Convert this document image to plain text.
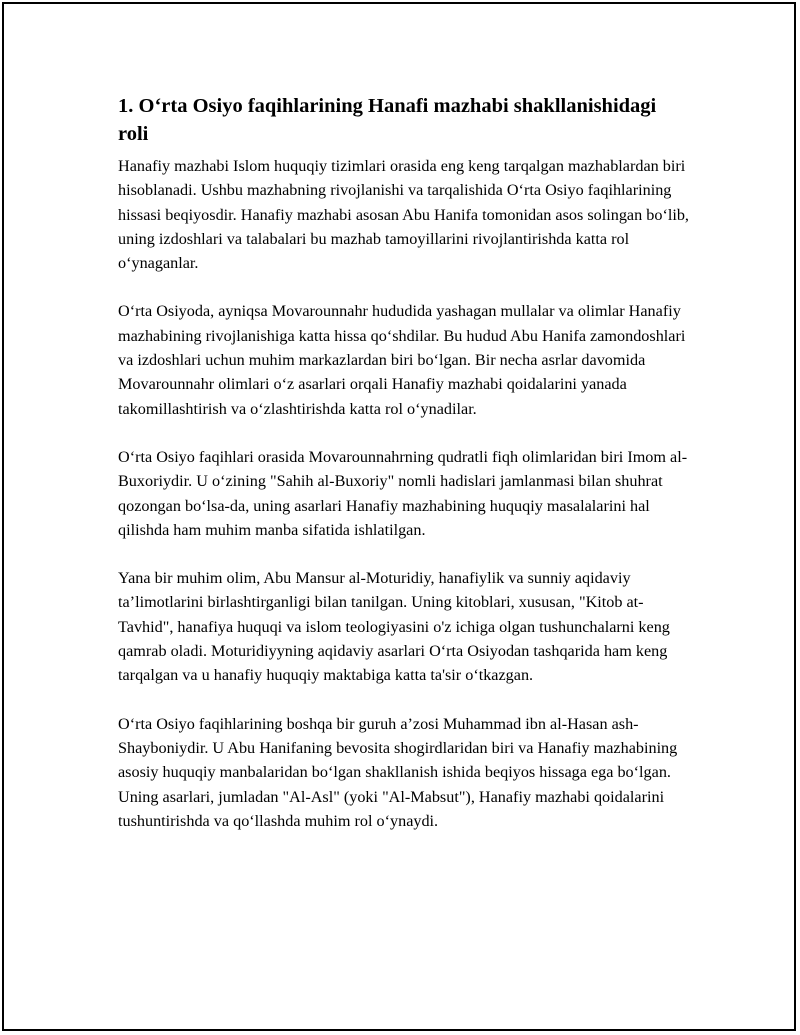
1. O‘rta Osiyo faqihlarining Hanafi mazhabi shakllanishidagi roli

Hanafiy mazhabi Islom huquqiy tizimlari orasida eng keng tarqalgan mazhablardan biri hisoblanadi. Ushbu mazhabning rivojlanishi va tarqalishida O‘rta Osiyo faqihlarining hissasi beqiyosdir. Hanafiy mazhabi asosan Abu Hanifa tomonidan asos solingan bo‘lib, uning izdoshlari va talabalari bu mazhab tamoyillarini rivojlantirishda katta rol o‘ynaganlar.

O‘rta Osiyoda, ayniqsa Movarounnahr hududida yashagan mullalar va olimlar Hanafiy mazhabining rivojlanishiga katta hissa qo‘shdilar. Bu hudud Abu Hanifa zamondoshlari va izdoshlari uchun muhim markazlardan biri bo‘lgan. Bir necha asrlar davomida Movarounnahr olimlari o‘z asarlari orqali Hanafiy mazhabi qoidalarini yanada takomillashtirish va o‘zlashtirishda katta rol o‘ynadilar.

O‘rta Osiyo faqihlari orasida Movarounnahrning qudratli fiqh olimlaridan biri Imom al-Buxoriydir. U o‘zining "Sahih al-Buxoriy" nomli hadislari jamlanmasi bilan shuhrat qozongan bo‘lsa-da, uning asarlari Hanafiy mazhabining huquqiy masalalarini hal qilishda ham muhim manba sifatida ishlatilgan.

Yana bir muhim olim, Abu Mansur al-Moturidiy, hanafiylik va sunniy aqidaviy ta’limotlarini birlashtirganligi bilan tanilgan. Uning kitoblari, xususan, "Kitob at-Tavhid", hanafiya huquqi va islom teologiyasini o'z ichiga olgan tushunchalarni keng qamrab oladi. Moturidiyyning aqidaviy asarlari O‘rta Osiyodan tashqarida ham keng tarqalgan va u hanafiy huquqiy maktabiga katta ta'sir o‘tkazgan.

O‘rta Osiyo faqihlarining boshqa bir guruh a’zosi Muhammad ibn al-Hasan ash-Shayboniydir. U Abu Hanifaning bevosita shogirdlaridan biri va Hanafiy mazhabining asosiy huquqiy manbalaridan bo‘lgan shakllanish ishida beqiyos hissaga ega bo‘lgan. Uning asarlari, jumladan "Al-Asl" (yoki "Al-Mabsut"), Hanafiy mazhabi qoidalarini tushuntirishda va qo‘llashda muhim rol o‘ynaydi.
